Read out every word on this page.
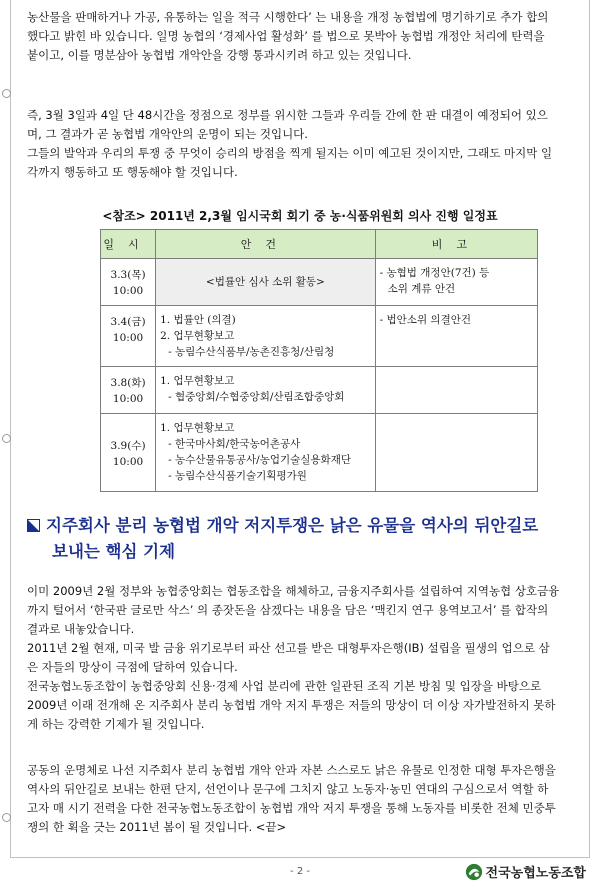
농산물을 판매하거나 가공, 유통하는 일을 적극 시행한다’ 는 내용을 개정 농협법에 명기하기로 추가 합의
했다고 밝힌 바 있습니다. 일명 농협의 ‘경제사업 활성화’ 를 법으로 못박아 농협법 개정안 처리에 탄력을
붙이고, 이를 명분삼아 농협법 개악안을 강행 통과시키려 하고 있는 것입니다.
즉, 3월 3일과 4일 단 48시간을 정점으로 정부를 위시한 그들과 우리들 간에 한 판 대결이 예정되어 있으
며, 그 결과가 곧 농협법 개악안의 운명이 되는 것입니다.
그들의 발악과 우리의 투쟁 중 무엇이 승리의 방점을 찍게 될지는 이미 예고된 것이지만, 그래도 마지막 일
각까지 행동하고 또 행동해야 할 것입니다.
<참조> 2011년 2,3월 임시국회 회기 중 농·식품위원회 의사 진행 일정표
일시	안건	비고

3.3(목)
10:00	<법률안 심사 소위 활동>	- 농협법 개정안(7건) 등
소위 계류 안건

3.4(금)
10:00	1. 법률안 (의결)
2. 업무현황보고
- 농림수산식품부/농촌진흥청/산림청	- 법안소위 의결안건

3.8(화)
10:00	1. 업무현황보고
- 협중앙회/수협중앙회/산림조합중앙회	

3.9(수)
10:00	1. 업무현황보고
- 한국마사회/한국농어촌공사
- 농수산물유통공사/농업기술실용화재단
- 농림수산식품기술기획평가원	

지주회사 분리 농협법 개악 저지투쟁은 낡은 유물을 역사의 뒤안길로
보내는 핵심 기제
이미 2009년 2월 정부와 농협중앙회는 협동조합을 해체하고, 금융지주회사를 설립하여 지역농협 상호금융
까지 털어서 ‘한국판 글로만 삭스’ 의 종잣돈을 삼겠다는 내용을 담은 ‘맥킨지 연구 용역보고서’ 를 합작의
결과로 내놓았습니다.
2011년 2월 현재, 미국 발 금융 위기로부터 파산 선고를 받은 대형투자은행(IB) 설립을 필생의 업으로 삼
은 자들의 망상이 극점에 달하여 있습니다.
전국농협노동조합이 농협중앙회 신용·경제 사업 분리에 관한 일관된 조직 기본 방침 및 입장을 바탕으로
2009년 이래 전개해 온 지주회사 분리 농협법 개악 저지 투쟁은 저들의 망상이 더 이상 자가발전하지 못하
게 하는 강력한 기제가 될 것입니다.
공동의 운명체로 나선 지주회사 분리 농협법 개악 안과 자본 스스로도 낡은 유물로 인정한 대형 투자은행을
역사의 뒤안길로 보내는 한편 단지, 선언이나 문구에 그치지 않고 노동자·농민 연대의 구심으로서 역할 하
고자 매 시기 전력을 다한 전국농협노동조합이 농협법 개악 저지 투쟁을 통해 노동자를 비롯한 전체 민중투
쟁의 한 획을 긋는 2011년 봄이 될 것입니다. <끝>
- 2 -	전국농협노동조합
